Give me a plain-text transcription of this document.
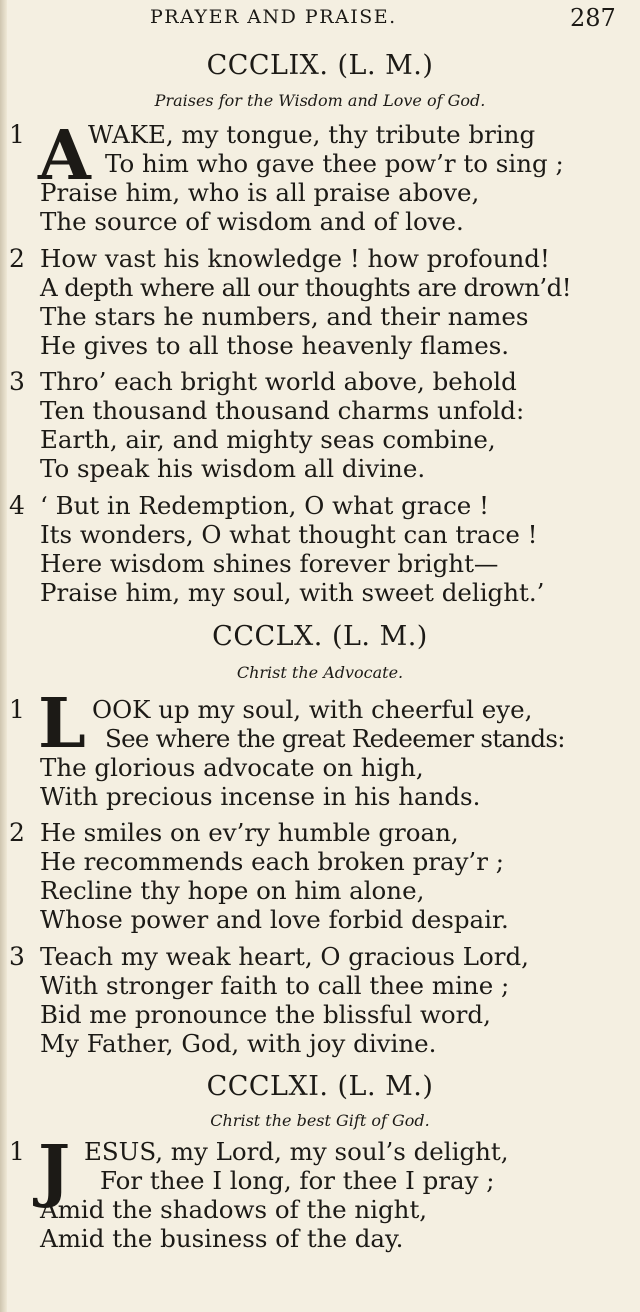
PRAYER AND PRAISE.	287
CCCLIX. (L. M.)
Praises for the Wisdom and Love of God.
1 A
WAKE, my tongue, thy tribute bring
To him who gave thee pow’r to sing ;
Praise him, who is all praise above,
The source of wisdom and of love.
2 How vast his knowledge ! how profound!
A depth where all our thoughts are drown’d!
The stars he numbers, and their names
He gives to all those heavenly flames.
3 Thro’ each bright world above, behold
Ten thousand thousand charms unfold:
Earth, air, and mighty seas combine,
To speak his wisdom all divine.
4 ‘ But in Redemption, O what grace !
Its wonders, O what thought can trace !
Here wisdom shines forever bright—
Praise him, my soul, with sweet delight.’
CCCLX. (L. M.)
Christ the Advocate.
1 L OOK up my soul, with cheerful eye,
See where the great Redeemer stands:
The glorious advocate on high,
With precious incense in his hands.
2 He smiles on ev’ry humble groan,
He recommends each broken pray’r ;
Recline thy hope on him alone,
Whose power and love forbid despair.
3 Teach my weak heart, O gracious Lord,
With stronger faith to call thee mine ;
Bid me pronounce the blissful word,
My Father, God, with joy divine.
CCCLXI. (L. M.)
Christ the best Gift of God.
1 J ESUS, my Lord, my soul’s delight,
For thee I long, for thee I pray ;
Amid the shadows of the night,
Amid the business of the day.
